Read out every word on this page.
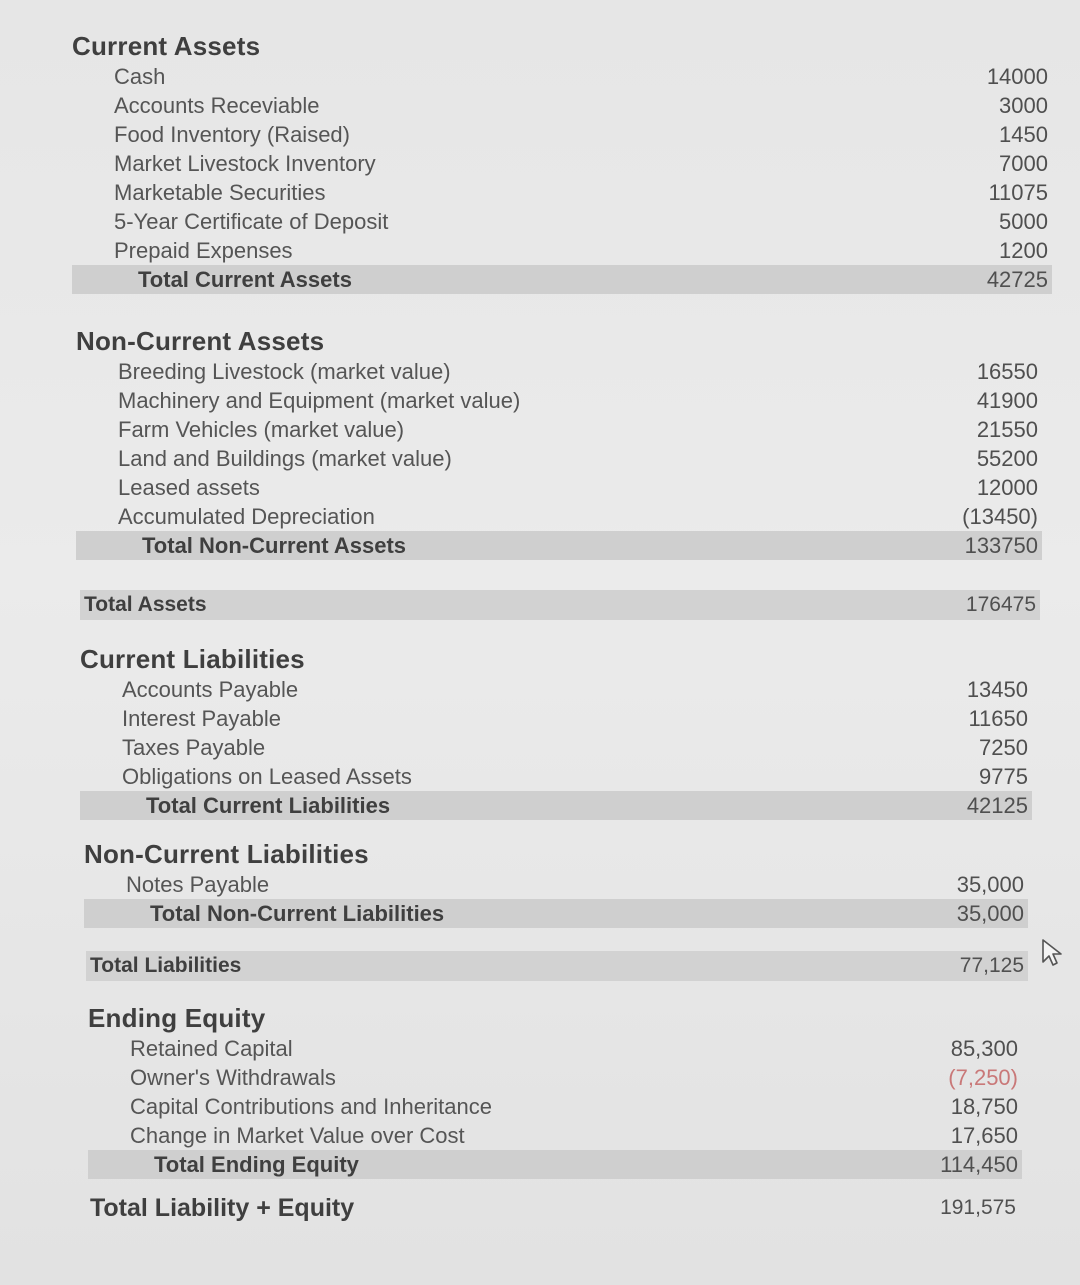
Current Assets
Cash	14000
Accounts Receviable	3000
Food Inventory (Raised)	1450
Market Livestock Inventory	7000
Marketable Securities	11075
5-Year Certificate of Deposit	5000
Prepaid Expenses	1200
Total Current Assets	42725
Non-Current Assets
Breeding Livestock (market value)	16550
Machinery and Equipment (market value)	41900
Farm Vehicles (market value)	21550
Land and Buildings (market value)	55200
Leased assets	12000
Accumulated Depreciation	(13450)
Total Non-Current Assets	133750
Total Assets	176475
Current Liabilities
Accounts Payable	13450
Interest Payable	11650
Taxes Payable	7250
Obligations on Leased Assets	9775
Total Current Liabilities	42125
Non-Current Liabilities
Notes Payable	35,000
Total Non-Current Liabilities	35,000
Total Liabilities	77,125
Ending Equity
Retained Capital	85,300
Owner's Withdrawals	(7,250)
Capital Contributions and Inheritance	18,750
Change in Market Value over Cost	17,650
Total Ending Equity	114,450
Total Liability + Equity	191,575
